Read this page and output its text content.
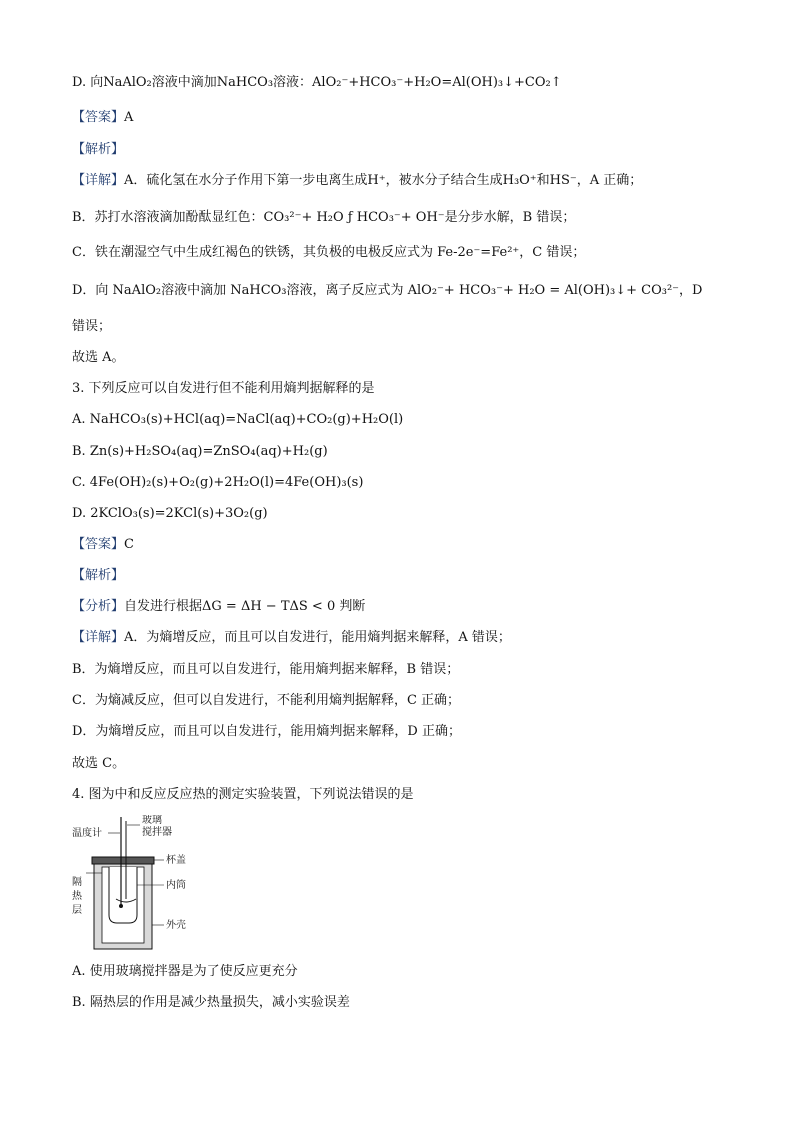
D. 向NaAlO₂溶液中滴加NaHCO₃溶液：AlO₂⁻+HCO₃⁻+H₂O=Al(OH)₃↓+CO₂↑
【答案】A
【解析】
【详解】A．硫化氢在水分子作用下第一步电离生成H⁺，被水分子结合生成H₃O⁺和HS⁻，A 正确；
B．苏打水溶液滴加酚酞显红色：CO₃²⁻+ H₂O ƒ HCO₃⁻+ OH⁻是分步水解，B 错误；
C．铁在潮湿空气中生成红褐色的铁锈，其负极的电极反应式为 Fe-2e⁻=Fe²⁺，C 错误；
D．向 NaAlO₂溶液中滴加 NaHCO₃溶液，离子反应式为 AlO₂⁻+ HCO₃⁻+ H₂O = Al(OH)₃↓+ CO₃²⁻，D
错误；
故选 A。
3. 下列反应可以自发进行但不能利用熵判据解释的是
A. NaHCO₃(s)+HCl(aq)=NaCl(aq)+CO₂(g)+H₂O(l)
B. Zn(s)+H₂SO₄(aq)=ZnSO₄(aq)+H₂(g)
C. 4Fe(OH)₂(s)+O₂(g)+2H₂O(l)=4Fe(OH)₃(s)
D. 2KClO₃(s)=2KCl(s)+3O₂(g)
【答案】C
【解析】
【分析】自发进行根据ΔG = ΔH − TΔS < 0 判断
【详解】A．为熵增反应，而且可以自发进行，能用熵判据来解释，A 错误；
B．为熵增反应，而且可以自发进行，能用熵判据来解释，B 错误；
C．为熵减反应，但可以自发进行，不能利用熵判据解释，C 正确；
D．为熵增反应，而且可以自发进行，能用熵判据来解释，D 正确；
故选 C。
4. 图为中和反应反应热的测定实验装置，下列说法错误的是
温度计
玻璃
搅拌器
杯盖
内筒
外壳
隔
热
层
A. 使用玻璃搅拌器是为了使反应更充分
B. 隔热层的作用是减少热量损失，减小实验误差
